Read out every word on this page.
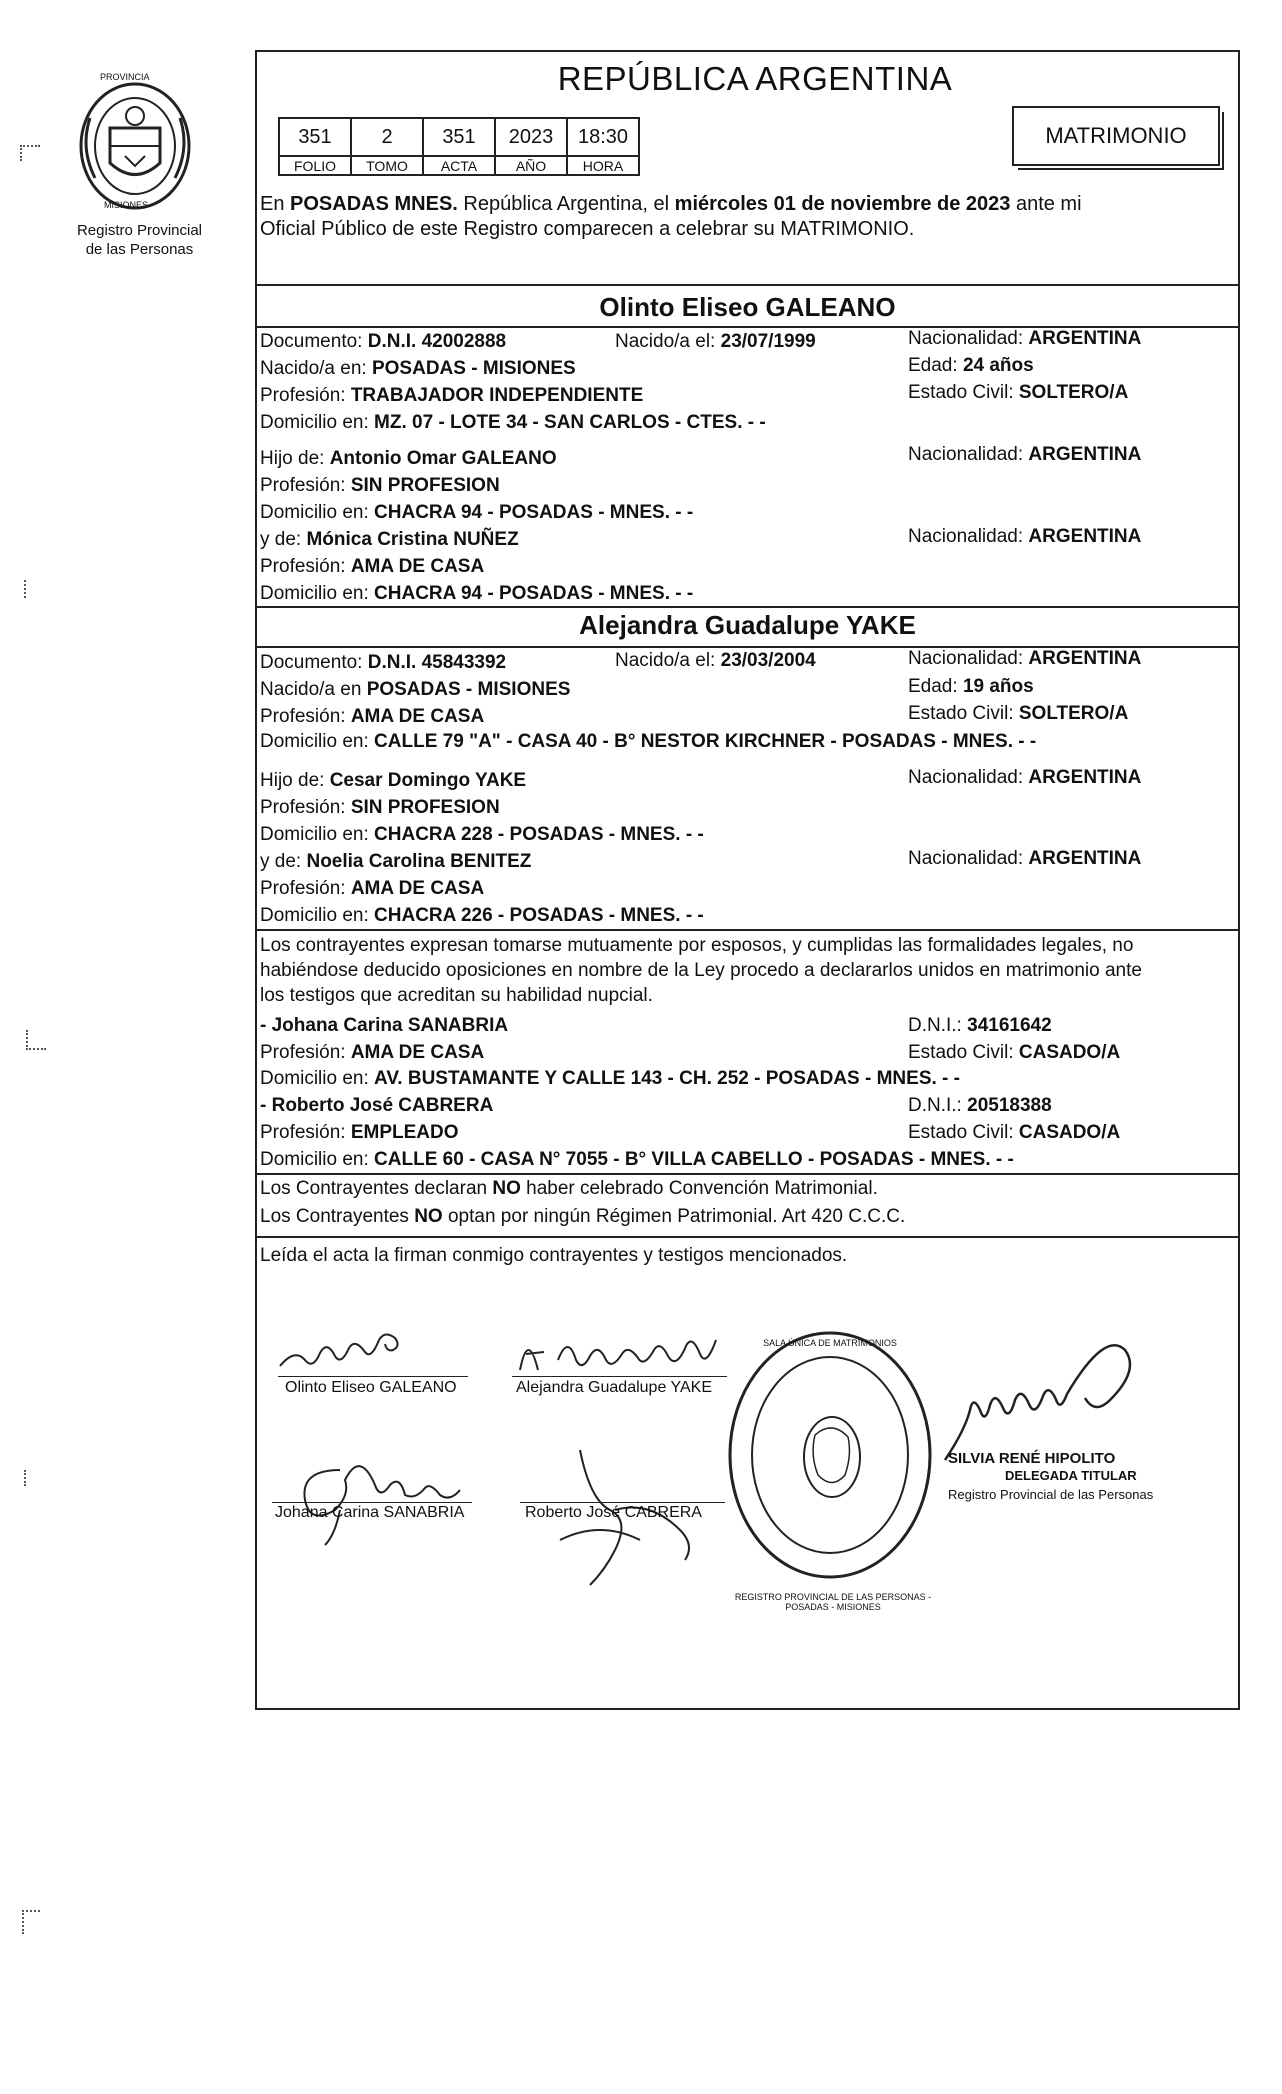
PROVINCIA
MISIONES
Registro Provincial
de las Personas
REPÚBLICA ARGENTINA
351	2	351	2023	18:30
FOLIO	TOMO	ACTA	AÑO	HORA
MATRIMONIO
En POSADAS MNES. República Argentina, el miércoles 01 de noviembre de 2023 ante mi
Oficial Público de este Registro comparecen a celebrar su MATRIMONIO.
Olinto Eliseo GALEANO
Documento: D.N.I. 42002888	Nacido/a el: 23/07/1999	Nacionalidad: ARGENTINA
Nacido/a en: POSADAS - MISIONES	Edad: 24 años
Profesión: TRABAJADOR INDEPENDIENTE	Estado Civil: SOLTERO/A
Domicilio en: MZ. 07 - LOTE 34 - SAN CARLOS - CTES. - -
Hijo de: Antonio Omar GALEANO	Nacionalidad: ARGENTINA
Profesión: SIN PROFESION
Domicilio en: CHACRA 94 - POSADAS - MNES. - -
y de: Mónica Cristina NUÑEZ	Nacionalidad: ARGENTINA
Profesión: AMA DE CASA
Domicilio en: CHACRA 94 - POSADAS - MNES. - -
Alejandra Guadalupe YAKE
Documento: D.N.I. 45843392	Nacido/a el: 23/03/2004	Nacionalidad: ARGENTINA
Nacido/a en POSADAS - MISIONES	Edad: 19 años
Profesión: AMA DE CASA	Estado Civil: SOLTERO/A
Domicilio en: CALLE 79 "A" - CASA 40 - B° NESTOR KIRCHNER - POSADAS - MNES. - -
Hijo de: Cesar Domingo YAKE	Nacionalidad: ARGENTINA
Profesión: SIN PROFESION
Domicilio en: CHACRA 228 - POSADAS - MNES. - -
y de: Noelia Carolina BENITEZ	Nacionalidad: ARGENTINA
Profesión: AMA DE CASA
Domicilio en: CHACRA 226 - POSADAS - MNES. - -
Los contrayentes expresan tomarse mutuamente por esposos, y cumplidas las formalidades legales, no
habiéndose deducido oposiciones en nombre de la Ley procedo a declararlos unidos en matrimonio ante
los testigos que acreditan su habilidad nupcial.
- Johana Carina SANABRIA	D.N.I.: 34161642
Profesión: AMA DE CASA	Estado Civil: CASADO/A
Domicilio en: AV. BUSTAMANTE Y CALLE 143 - CH. 252 - POSADAS - MNES. - -
- Roberto José CABRERA	D.N.I.: 20518388
Profesión: EMPLEADO	Estado Civil: CASADO/A
Domicilio en: CALLE 60 - CASA N° 7055 - B° VILLA CABELLO - POSADAS - MNES. - -
Los Contrayentes declaran NO haber celebrado Convención Matrimonial.
Los Contrayentes NO optan por ningún Régimen Patrimonial. Art 420 C.C.C.
Leída el acta la firman conmigo contrayentes y testigos mencionados.
Olinto Eliseo GALEANO	Alejandra Guadalupe YAKE
Johana Carina SANABRIA	Roberto José CABRERA
REGISTRO PROVINCIAL DE LAS PERSONAS - POSADAS - MISIONES
SALA ÚNICA DE MATRIMONIOS
SILVIA RENÉ HIPOLITO
DELEGADA TITULAR
Registro Provincial de las Personas
